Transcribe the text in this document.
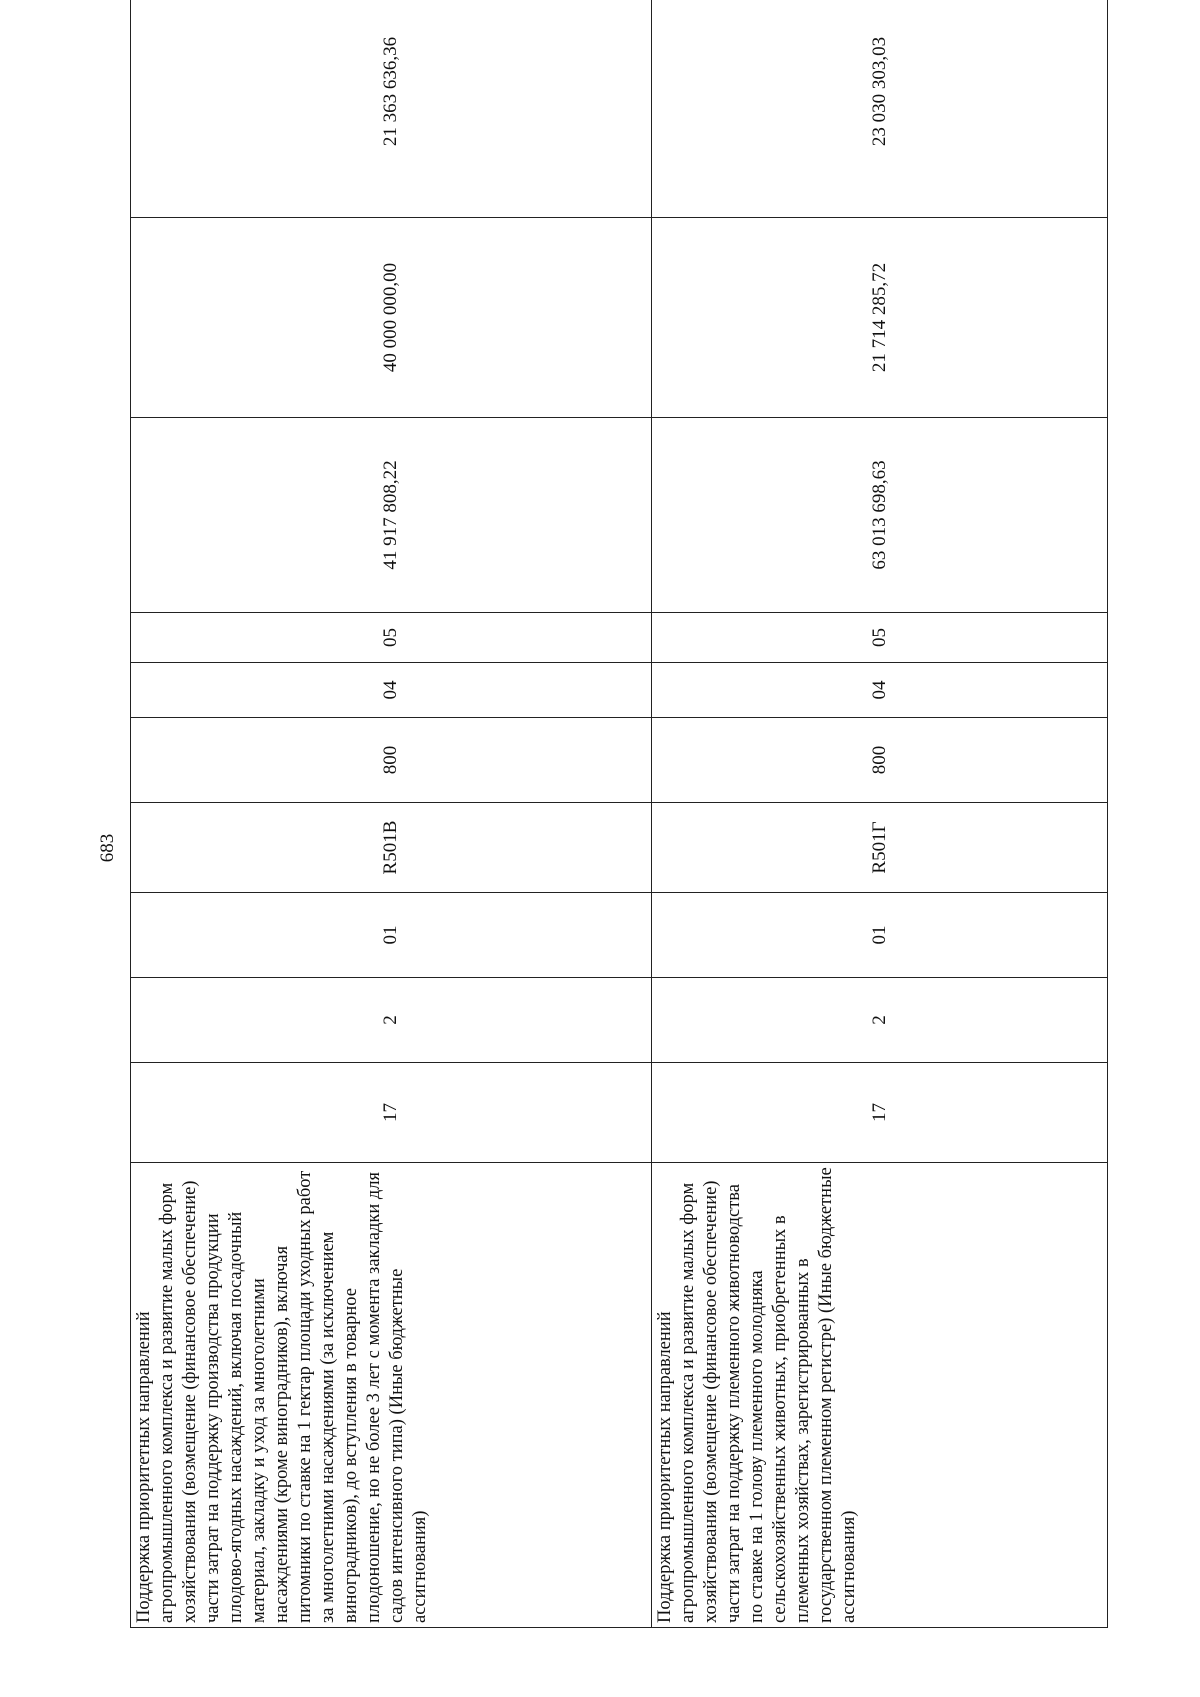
683
Поддержка приоритетных направлений агропромышленного комплекса и развитие малых форм хозяйствования (возмещение (финансовое обеспечение) части затрат на поддержку производства продукции плодово-ягодных насаждений, включая посадочный материал, закладку и уход за многолетними насаждениями (кроме виноградников), включая питомники по ставке на 1 гектар площади уходных работ за многолетними насаждениями (за исключением виноградников), до вступления в товарное плодоношение, но не более 3 лет с момента закладки для садов интенсивного типа) (Иные бюджетные ассигнования)	17	2	01	R501В	800	04	05	41 917 808,22	40 000 000,00	21 363 636,36
Поддержка приоритетных направлений агропромышленного комплекса и развитие малых форм хозяйствования (возмещение (финансовое обеспечение) части затрат на поддержку племенного животноводства по ставке на 1 голову племенного молодняка сельскохозяйственных животных, приобретенных в племенных хозяйствах, зарегистрированных в государственном племенном регистре) (Иные бюджетные ассигнования)	17	2	01	R501Г	800	04	05	63 013 698,63	21 714 285,72	23 030 303,03
